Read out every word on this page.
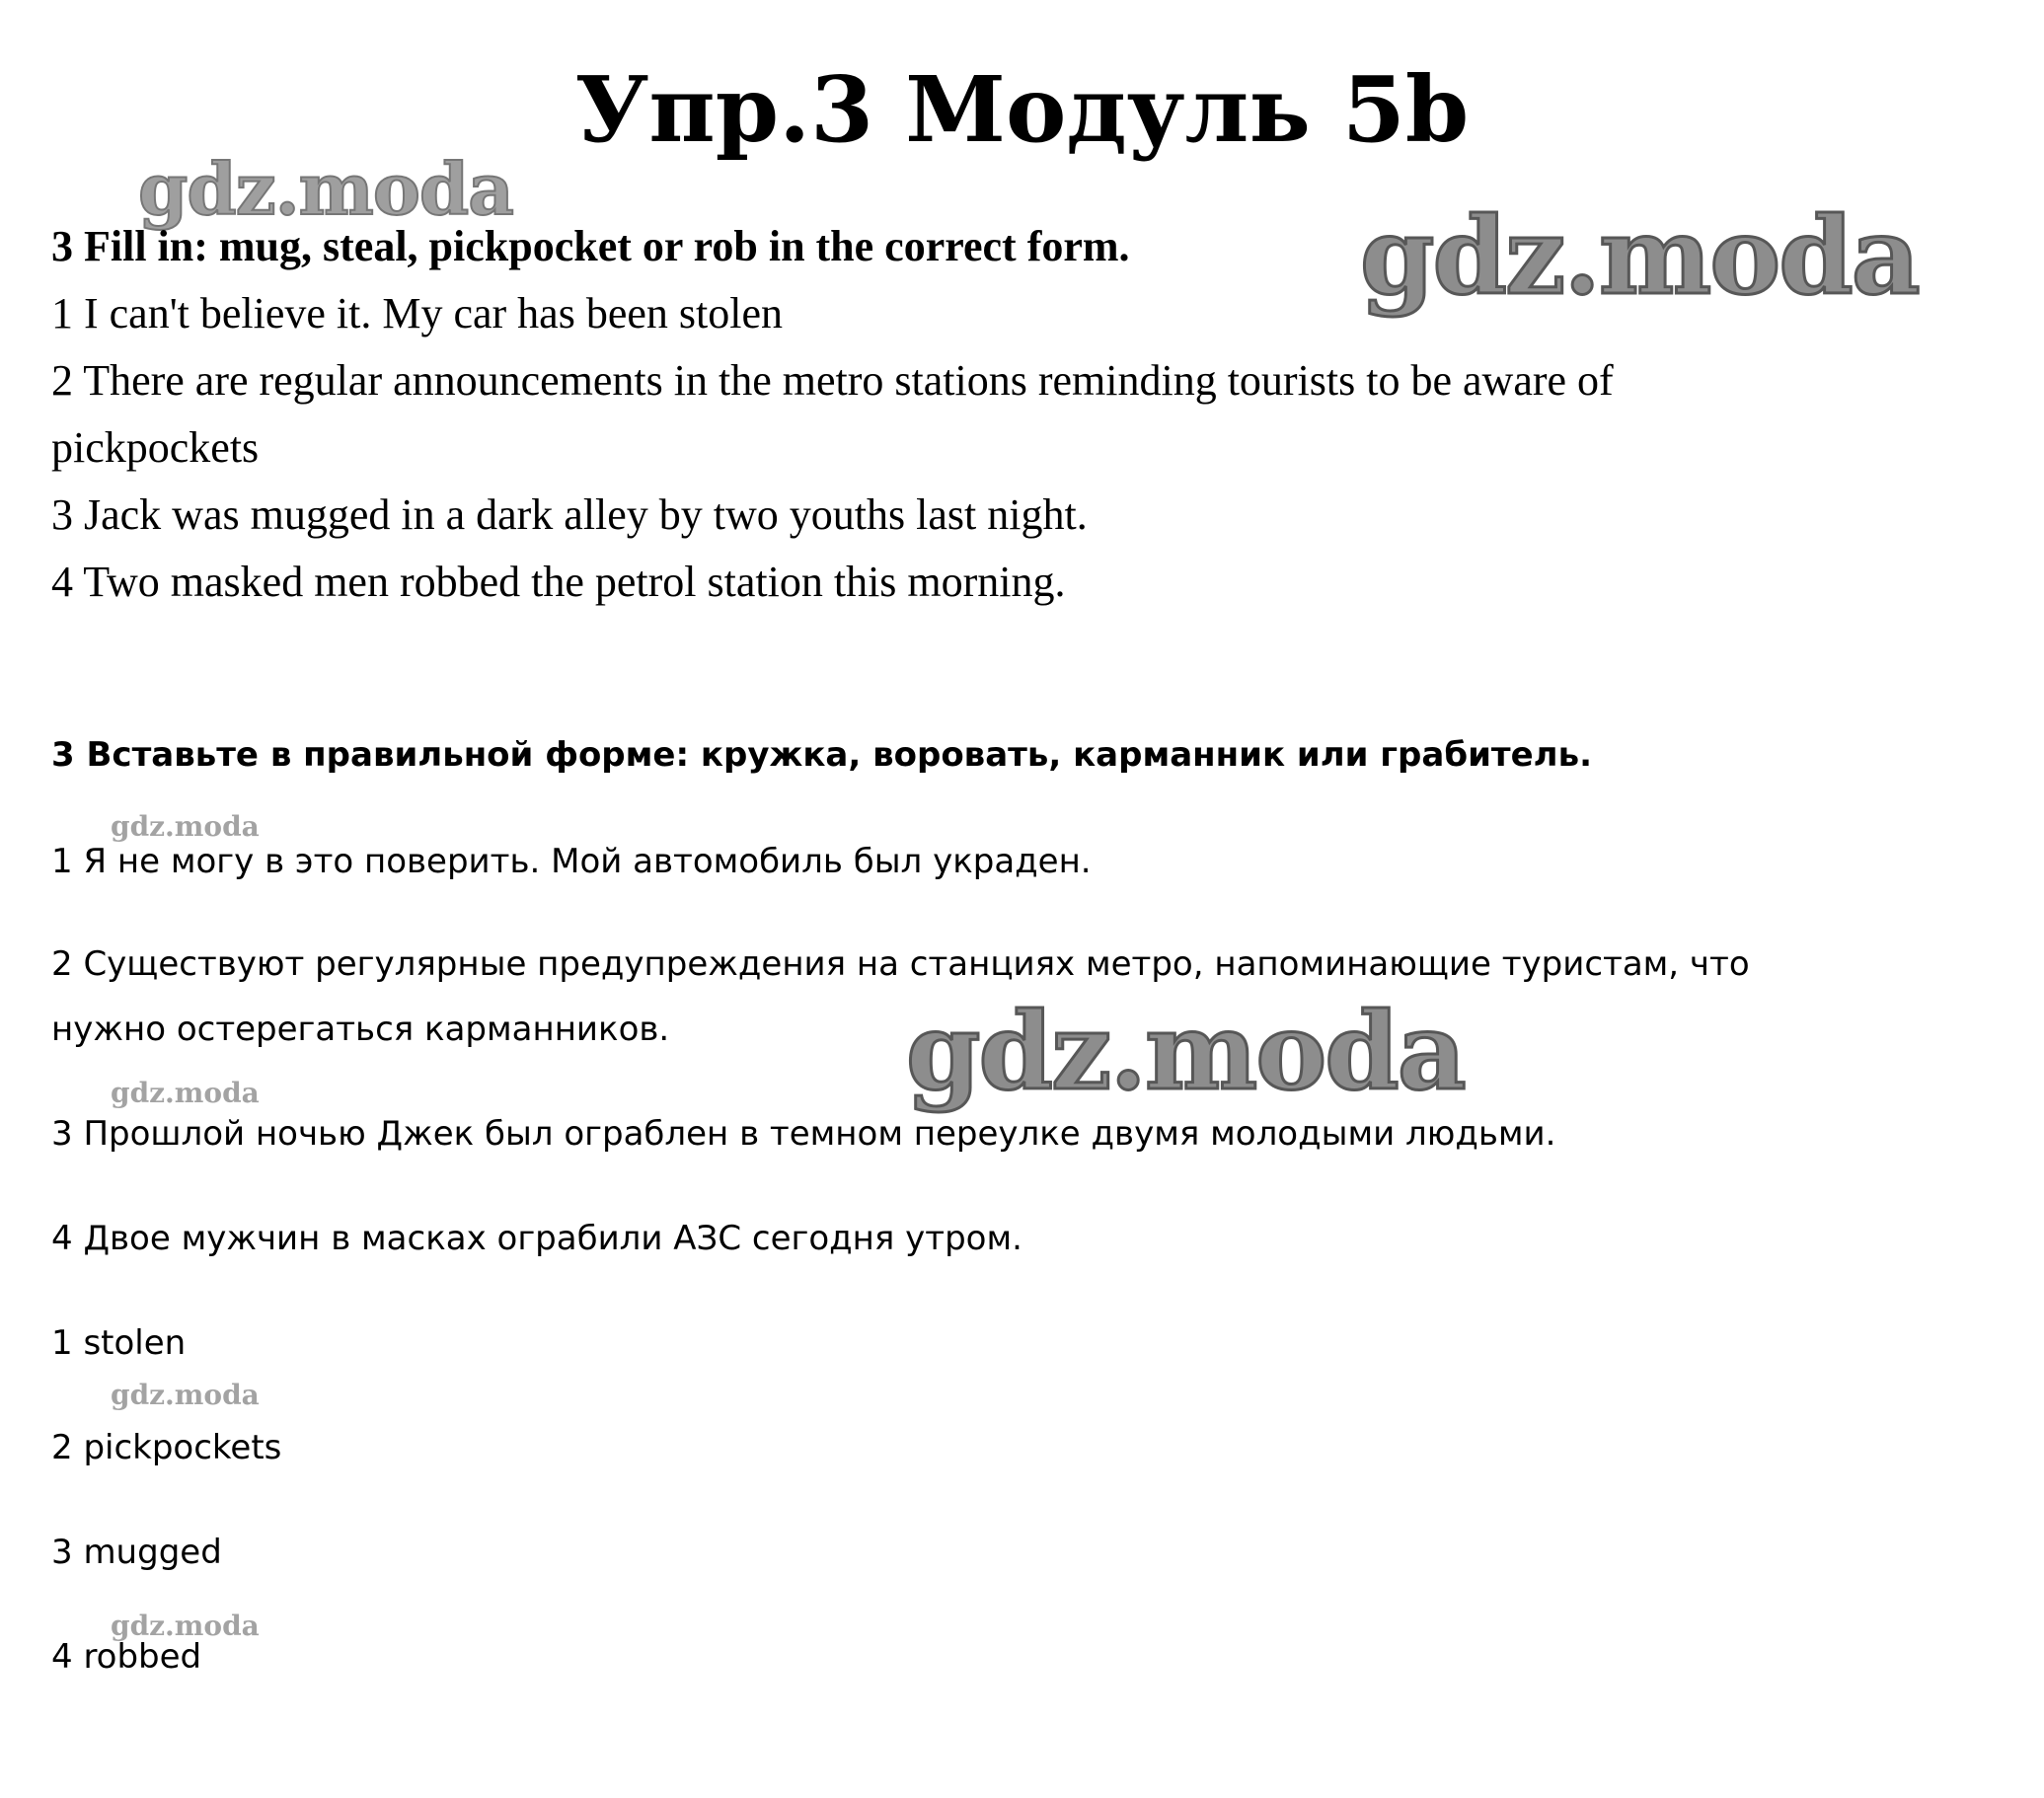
Упр.3 Модуль 5b
gdz.moda
gdz.moda
gdz.moda
gdz.moda
gdz.moda
gdz.moda
gdz.moda
3 Fill in: mug, steal, pickpocket or rob in the correct form.
1 I can't believe it. My car has been stolen
2 There are regular announcements in the metro stations reminding tourists to be aware of
pickpockets
3 Jack was mugged in a dark alley by two youths last night.
4 Two masked men robbed the petrol station this morning.
3 Вставьте в правильной форме: кружка, воровать, карманник или грабитель.
1 Я не могу в это поверить. Мой автомобиль был украден.
2 Существуют регулярные предупреждения на станциях метро, напоминающие туристам, что
нужно остерегаться карманников.
3 Прошлой ночью Джек был ограблен в темном переулке двумя молодыми людьми.
4 Двое мужчин в масках ограбили АЗС сегодня утром.
1 stolen
2 pickpockets
3 mugged
4 robbed
